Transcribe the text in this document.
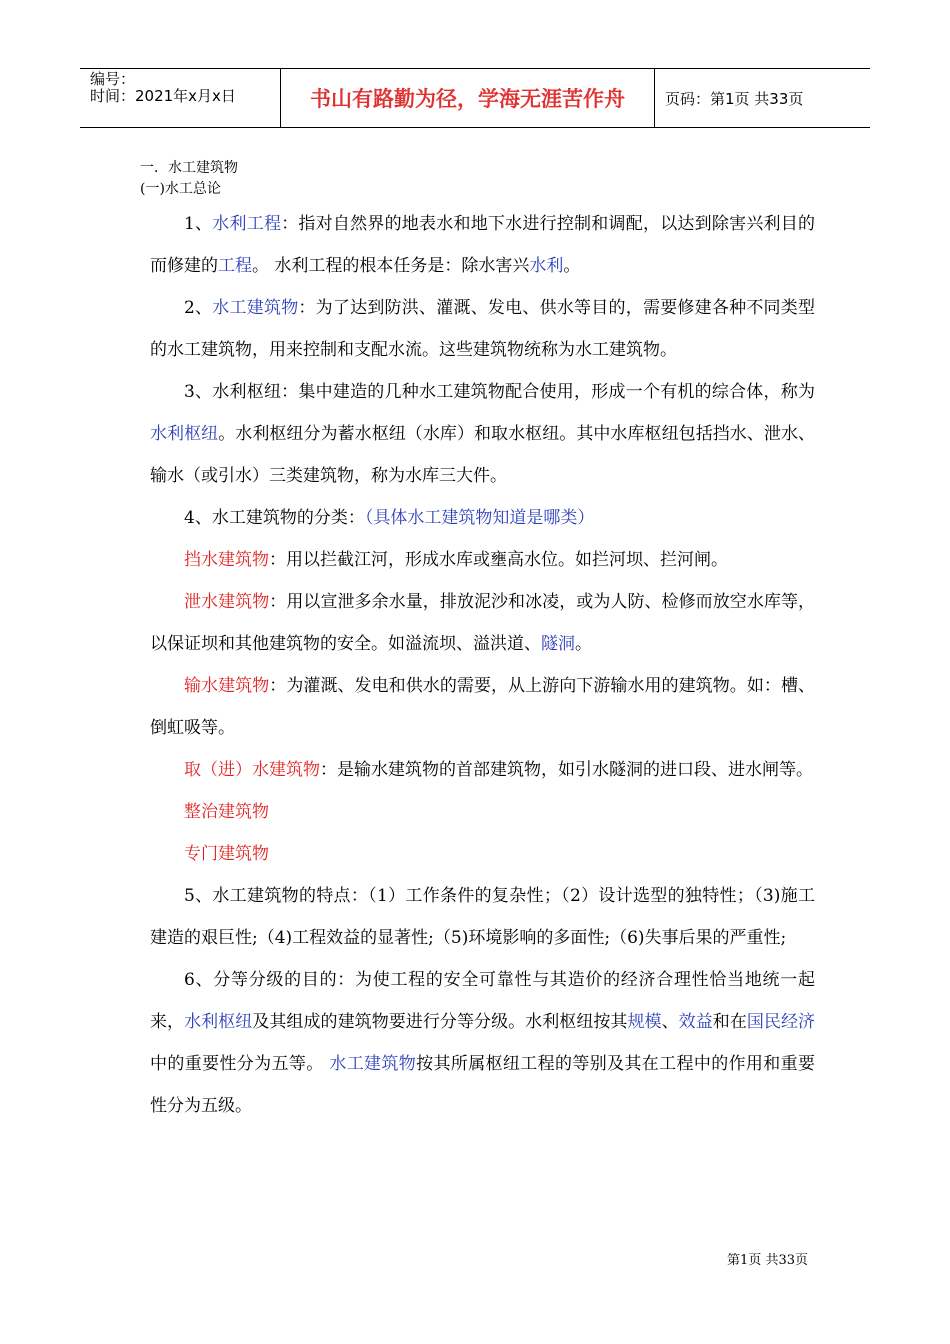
编号：
时间：2021年x月x日	书山有路勤为径，学海无涯苦作舟	页码：第1页 共33页
一．水工建筑物
(一)水工总论

1、水利工程：指对自然界的地表水和地下水进行控制和调配，以达到除害兴利目的而修建的工程。 水利工程的根本任务是：除水害兴水利。

2、水工建筑物：为了达到防洪、灌溉、发电、供水等目的，需要修建各种不同类型的水工建筑物，用来控制和支配水流。这些建筑物统称为水工建筑物。

3、水利枢纽：集中建造的几种水工建筑物配合使用，形成一个有机的综合体，称为水利枢纽。水利枢纽分为蓄水枢纽（水库）和取水枢纽。其中水库枢纽包括挡水、泄水、输水（或引水）三类建筑物，称为水库三大件。

4、水工建筑物的分类：（具体水工建筑物知道是哪类）

挡水建筑物：用以拦截江河，形成水库或壅高水位。如拦河坝、拦河闸。

泄水建筑物：用以宣泄多余水量，排放泥沙和冰凌，或为人防、检修而放空水库等，以保证坝和其他建筑物的安全。如溢流坝、溢洪道、隧洞。

输水建筑物：为灌溉、发电和供水的需要，从上游向下游输水用的建筑物。如：槽、倒虹吸等。

取（进）水建筑物：是输水建筑物的首部建筑物，如引水隧洞的进口段、进水闸等。

整治建筑物

专门建筑物

5、水工建筑物的特点：（1）工作条件的复杂性；（2）设计选型的独特性；（3)施工建造的艰巨性;（4)工程效益的显著性;（5)环境影响的多面性;（6)失事后果的严重性;

6、分等分级的目的：为使工程的安全可靠性与其造价的经济合理性恰当地统一起来，水利枢纽及其组成的建筑物要进行分等分级。水利枢纽按其规模、效益和在国民经济中的重要性分为五等。 水工建筑物按其所属枢纽工程的等别及其在工程中的作用和重要性分为五级。

第1页 共33页
